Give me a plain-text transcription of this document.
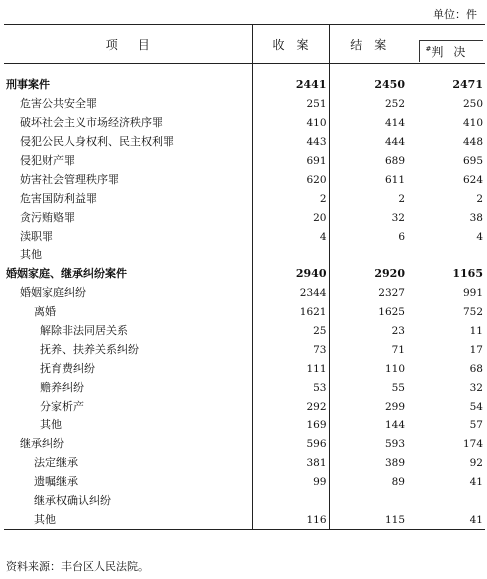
单位：件
项目	收案	结案	#判决

刑事案件	2441	2450	2471
危害公共安全罪	251	252	250
破坏社会主义市场经济秩序罪	410	414	410
侵犯公民人身权利、民主权利罪	443	444	448
侵犯财产罪	691	689	695
妨害社会管理秩序罪	620	611	624
危害国防利益罪	2	2	2
贪污贿赂罪	20	32	38
渎职罪	4	6	4
其他			
婚姻家庭、继承纠纷案件	2940	2920	1165
婚姻家庭纠纷	2344	2327	991
离婚	1621	1625	752
解除非法同居关系	25	23	11
抚养、扶养关系纠纷	73	71	17
抚育费纠纷	111	110	68
赡养纠纷	53	55	32
分家析产	292	299	54
其他	169	144	57
继承纠纷	596	593	174
法定继承	381	389	92
遗嘱继承	99	89	41
继承权确认纠纷			
其他	116	115	41
资料来源：丰台区人民法院。
